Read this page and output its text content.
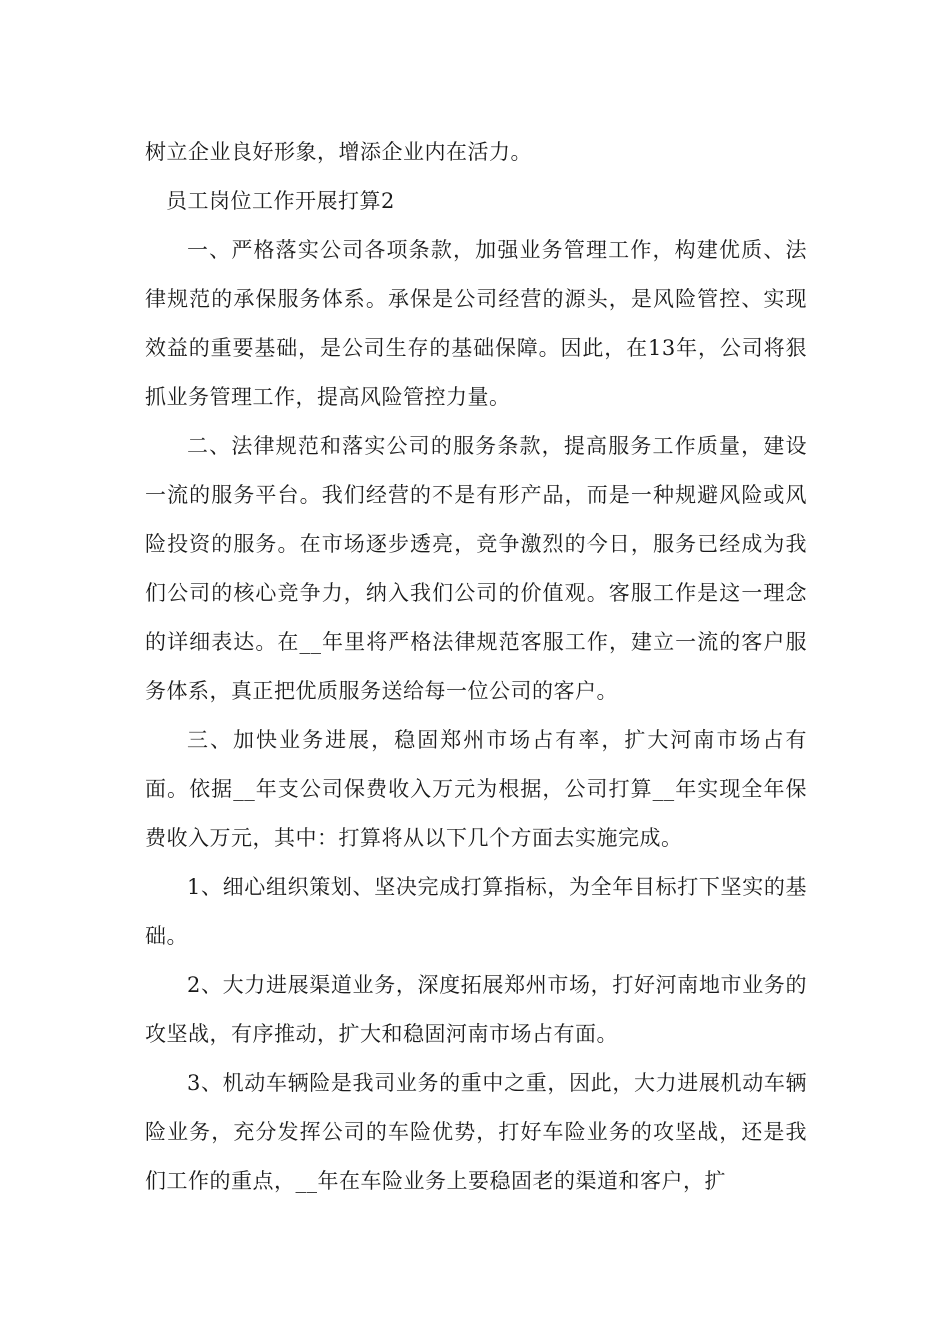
树立企业良好形象，增添企业内在活力。

员工岗位工作开展打算2

一、严格落实公司各项条款，加强业务管理工作，构建优质、法律规范的承保服务体系。承保是公司经营的源头，是风险管控、实现效益的重要基础，是公司生存的基础保障。因此，在13年，公司将狠抓业务管理工作，提高风险管控力量。

二、法律规范和落实公司的服务条款，提高服务工作质量，建设一流的服务平台。我们经营的不是有形产品，而是一种规避风险或风险投资的服务。在市场逐步透亮，竞争激烈的今日，服务已经成为我们公司的核心竞争力，纳入我们公司的价值观。客服工作是这一理念的详细表达。在__年里将严格法律规范客服工作，建立一流的客户服务体系，真正把优质服务送给每一位公司的客户。

三、加快业务进展，稳固郑州市场占有率，扩大河南市场占有面。依据__年支公司保费收入万元为根据，公司打算__年实现全年保费收入万元，其中：打算将从以下几个方面去实施完成。

1、细心组织策划、坚决完成打算指标，为全年目标打下坚实的基础。

2、大力进展渠道业务，深度拓展郑州市场，打好河南地市业务的攻坚战，有序推动，扩大和稳固河南市场占有面。

3、机动车辆险是我司业务的重中之重，因此，大力进展机动车辆险业务，充分发挥公司的车险优势，打好车险业务的攻坚战，还是我们工作的重点，__年在车险业务上要稳固老的渠道和客户，扩
